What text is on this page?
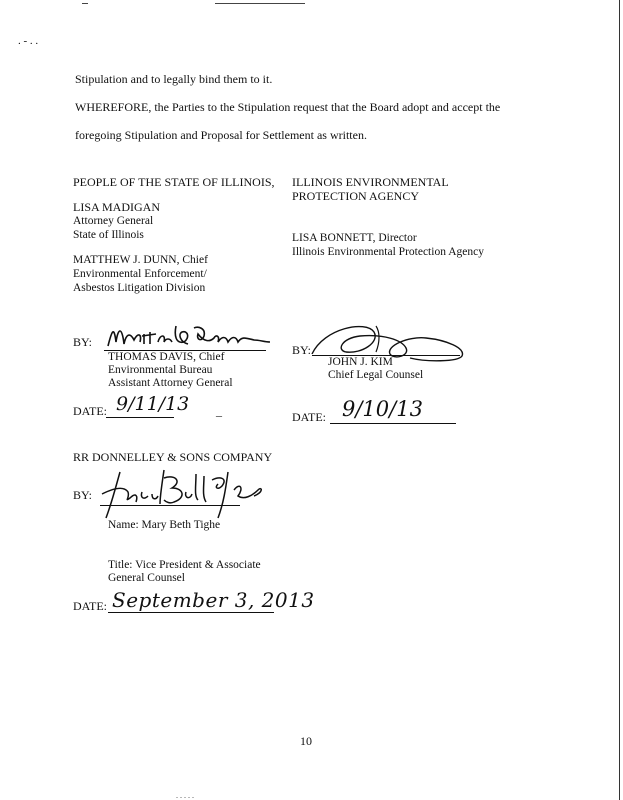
. - . .
Stipulation and to legally bind them to it.
WHEREFORE, the Parties to the Stipulation request that the Board adopt and accept the
foregoing Stipulation and Proposal for Settlement as written.
PEOPLE OF THE STATE OF ILLINOIS,
LISA MADIGAN
Attorney General
State of Illinois
MATTHEW J. DUNN, Chief
Environmental Enforcement/
Asbestos Litigation Division
ILLINOIS ENVIRONMENTAL
PROTECTION AGENCY
LISA BONNETT, Director
Illinois Environmental Protection Agency
BY:
THOMAS DAVIS, Chief
Environmental Bureau
Assistant Attorney General
DATE: 9/11/13 _
BY:
JOHN J. KIM
Chief Legal Counsel
DATE: 9/10/13
RR DONNELLEY & SONS COMPANY
BY:
Name: Mary Beth Tighe
Title: Vice President & Associate
General Counsel
DATE: September 3, 2013
10
. . . . .
